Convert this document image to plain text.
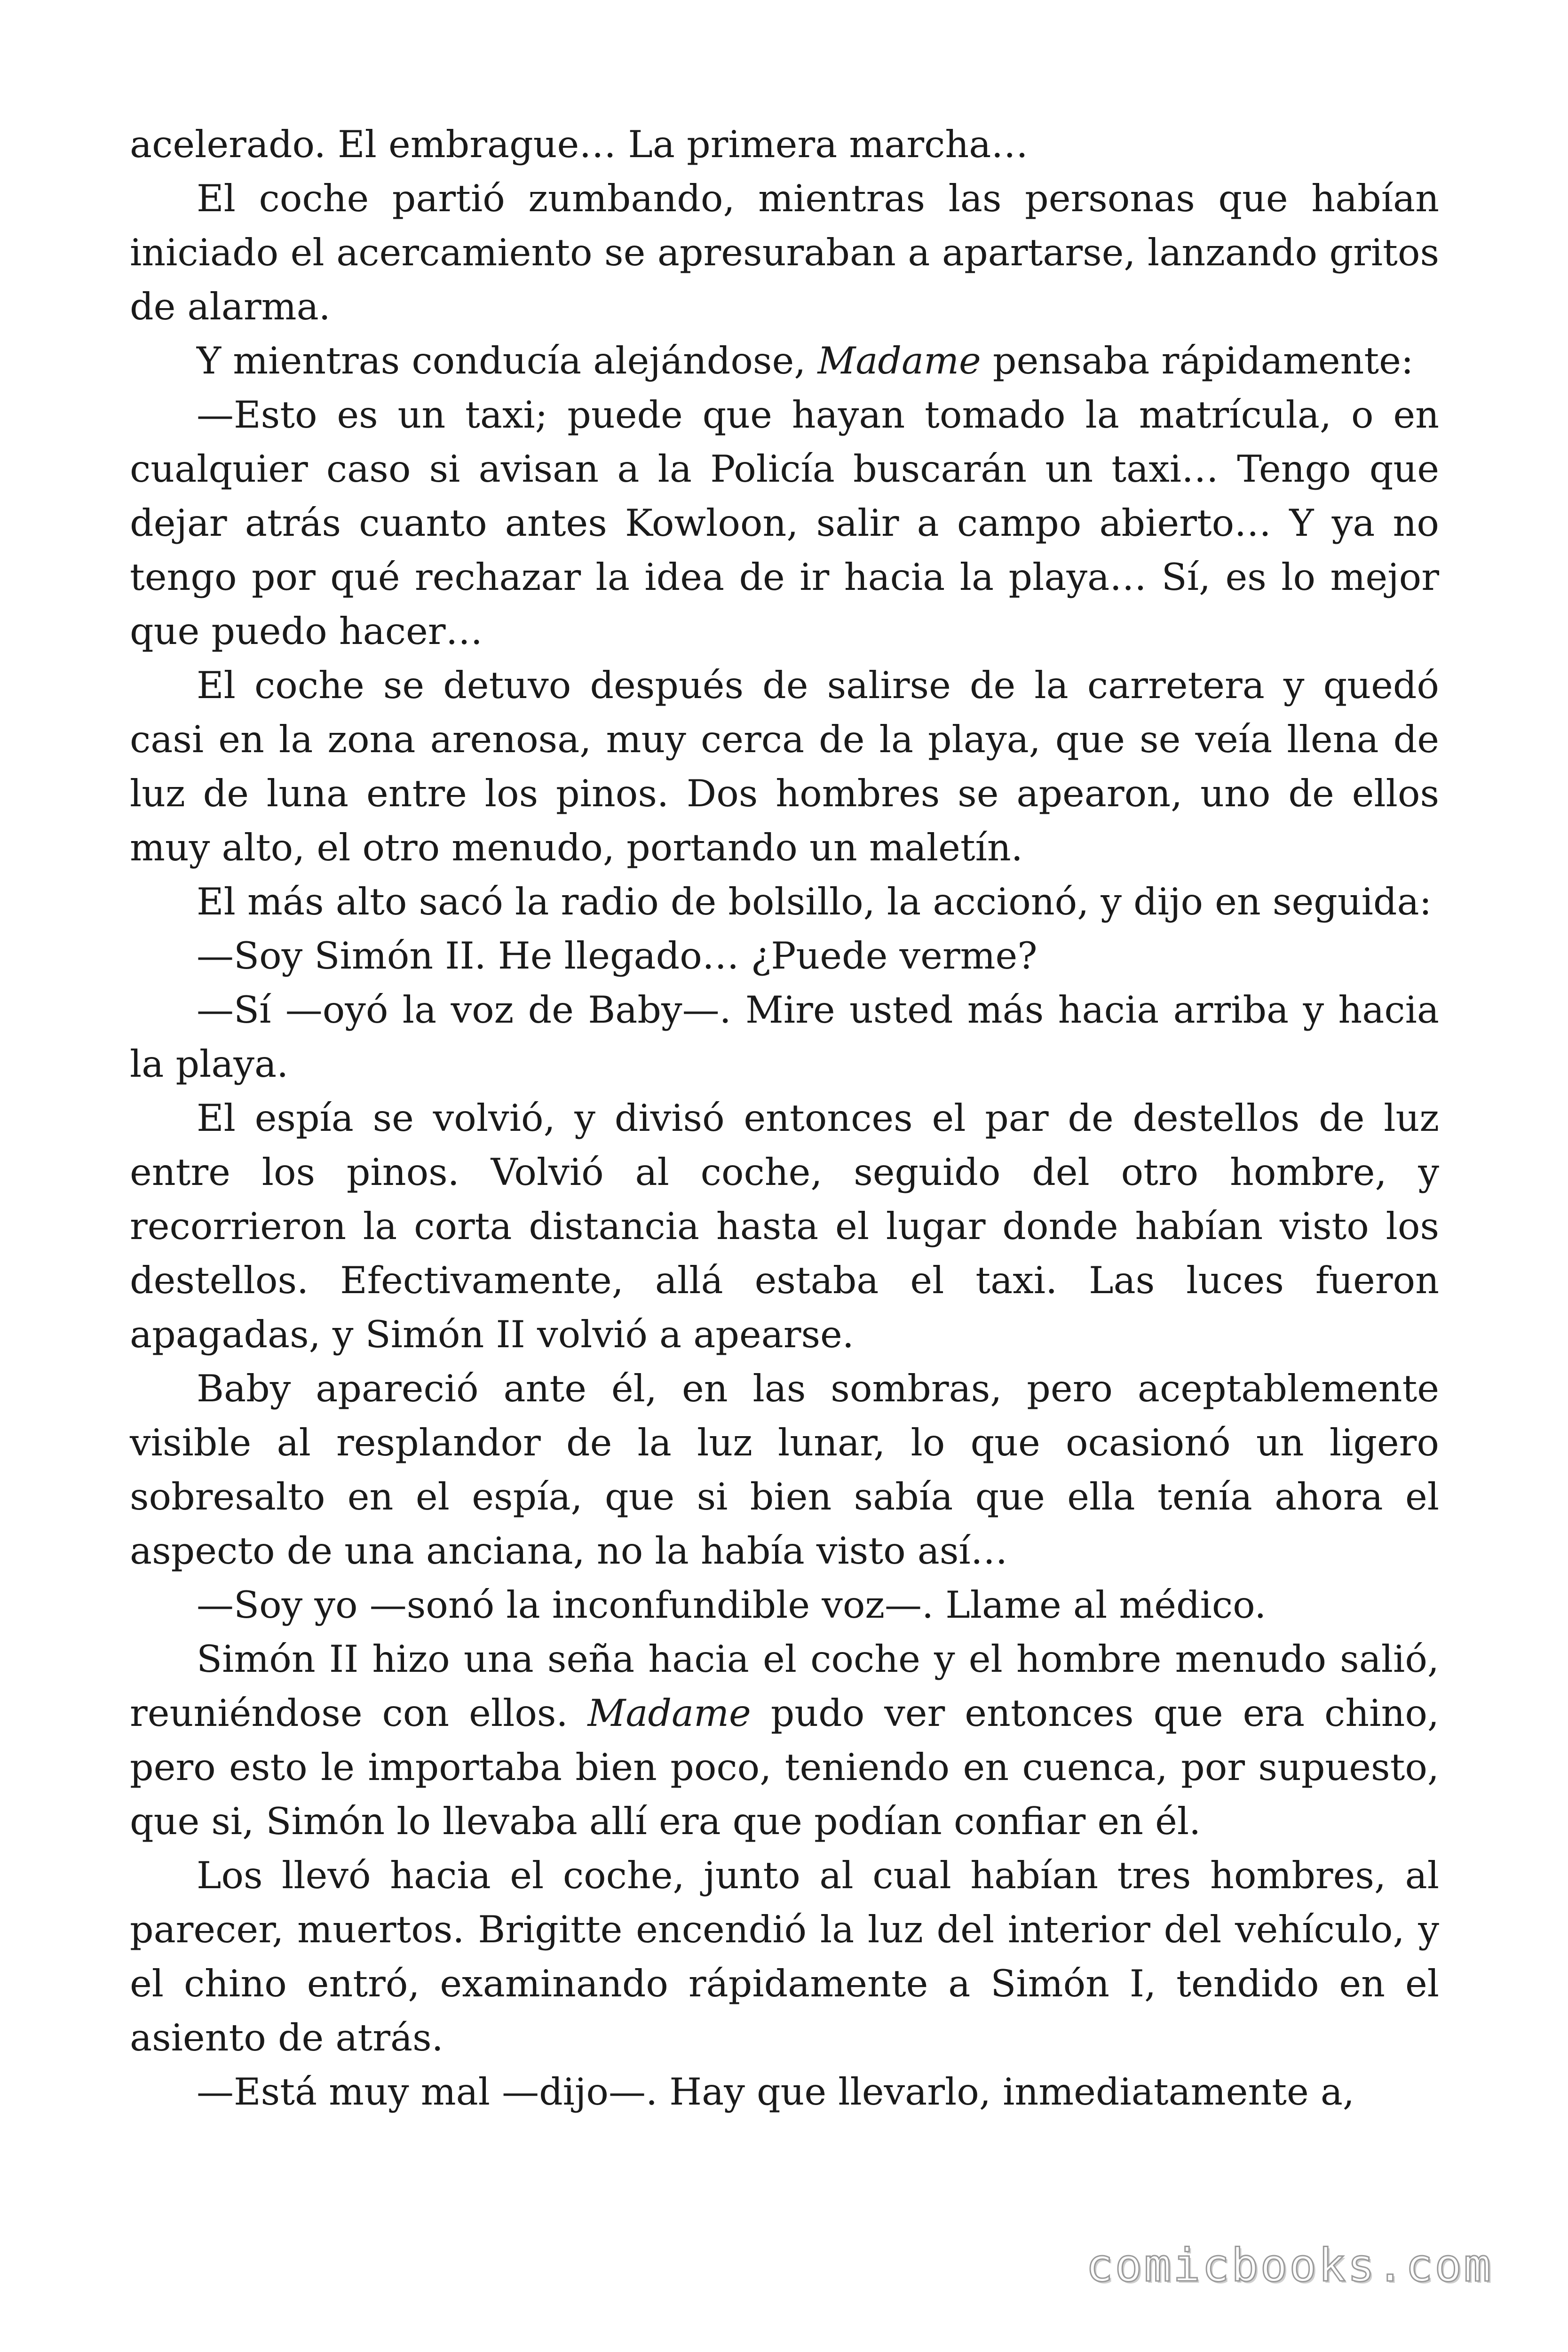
acelerado. El embrague… La primera marcha…

El coche partió zumbando, mientras las personas que habían iniciado el acercamiento se apresuraban a apartarse, lanzando gritos de alarma.

Y mientras conducía alejándose, Madame pensaba rápidamente:

—Esto es un taxi; puede que hayan tomado la matrícula, o en cualquier caso si avisan a la Policía buscarán un taxi… Tengo que dejar atrás cuanto antes Kowloon, salir a campo abierto… Y ya no tengo por qué rechazar la idea de ir hacia la playa… Sí, es lo mejor que puedo hacer…

El coche se detuvo después de salirse de la carretera y quedó casi en la zona arenosa, muy cerca de la playa, que se veía llena de luz de luna entre los pinos. Dos hombres se apearon, uno de ellos muy alto, el otro menudo, portando un maletín.

El más alto sacó la radio de bolsillo, la accionó, y dijo en seguida:

—Soy Simón II. He llegado… ¿Puede verme?

—Sí —oyó la voz de Baby—. Mire usted más hacia arriba y hacia la playa.

El espía se volvió, y divisó entonces el par de destellos de luz entre los pinos. Volvió al coche, seguido del otro hombre, y recorrieron la corta distancia hasta el lugar donde habían visto los destellos. Efectivamente, allá estaba el taxi. Las luces fueron apagadas, y Simón II volvió a apearse.

Baby apareció ante él, en las sombras, pero aceptablemente visible al resplandor de la luz lunar, lo que ocasionó un ligero sobresalto en el espía, que si bien sabía que ella tenía ahora el aspecto de una anciana, no la había visto así…

—Soy yo —sonó la inconfundible voz—. Llame al médico.

Simón II hizo una seña hacia el coche y el hombre menudo salió, reuniéndose con ellos. Madame pudo ver entonces que era chino, pero esto le importaba bien poco, teniendo en cuenca, por supuesto, que si, Simón lo llevaba allí era que podían confiar en él.

Los llevó hacia el coche, junto al cual habían tres hombres, al parecer, muertos. Brigitte encendió la luz del interior del vehículo, y el chino entró, examinando rápidamente a Simón I, tendido en el asiento de atrás.

—Está muy mal —dijo—. Hay que llevarlo, inmediatamente a,

comicbooks.com
